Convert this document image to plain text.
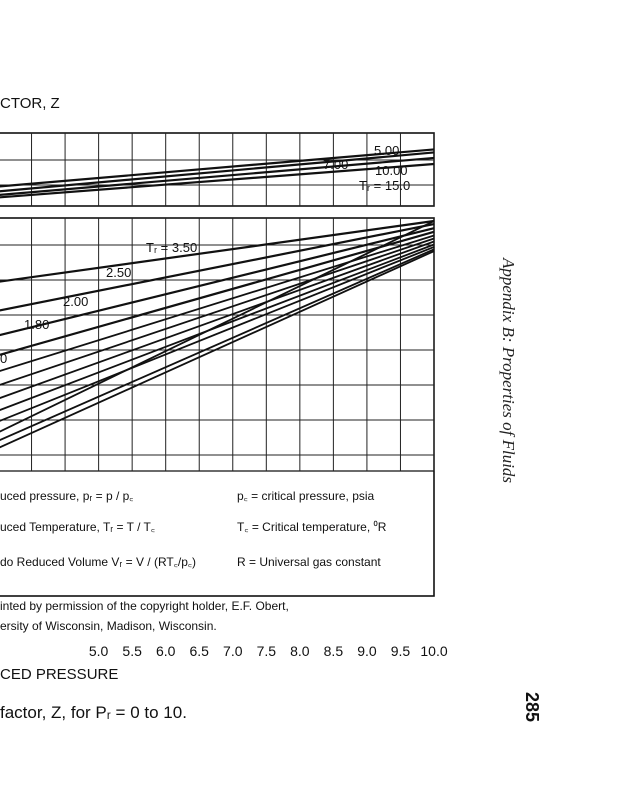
CTOR, Z
5.0 5.5 6.0 6.5 7.0 7.5 8.0 8.5 9.0 9.5 10.0
5.00
7.00 10.00
Tᵣ = 15.0
Tᵣ = 3.50
2.50
2.00
1.80
0
uced pressure, pᵣ = p / p꜀
uced Temperature, Tᵣ = T / T꜀
do Reduced Volume Vᵣ = V / (RT꜀/p꜀)
p꜀ = critical pressure, psia
T꜀ = Critical temperature, ⁰R
R = Universal gas constant
inted by permission of the copyright holder, E.F. Obert,
ersity of Wisconsin, Madison, Wisconsin.
CED PRESSURE
Appendix B: Properties of Fluids
285
factor, Z, for Pᵣ = 0 to 10.
